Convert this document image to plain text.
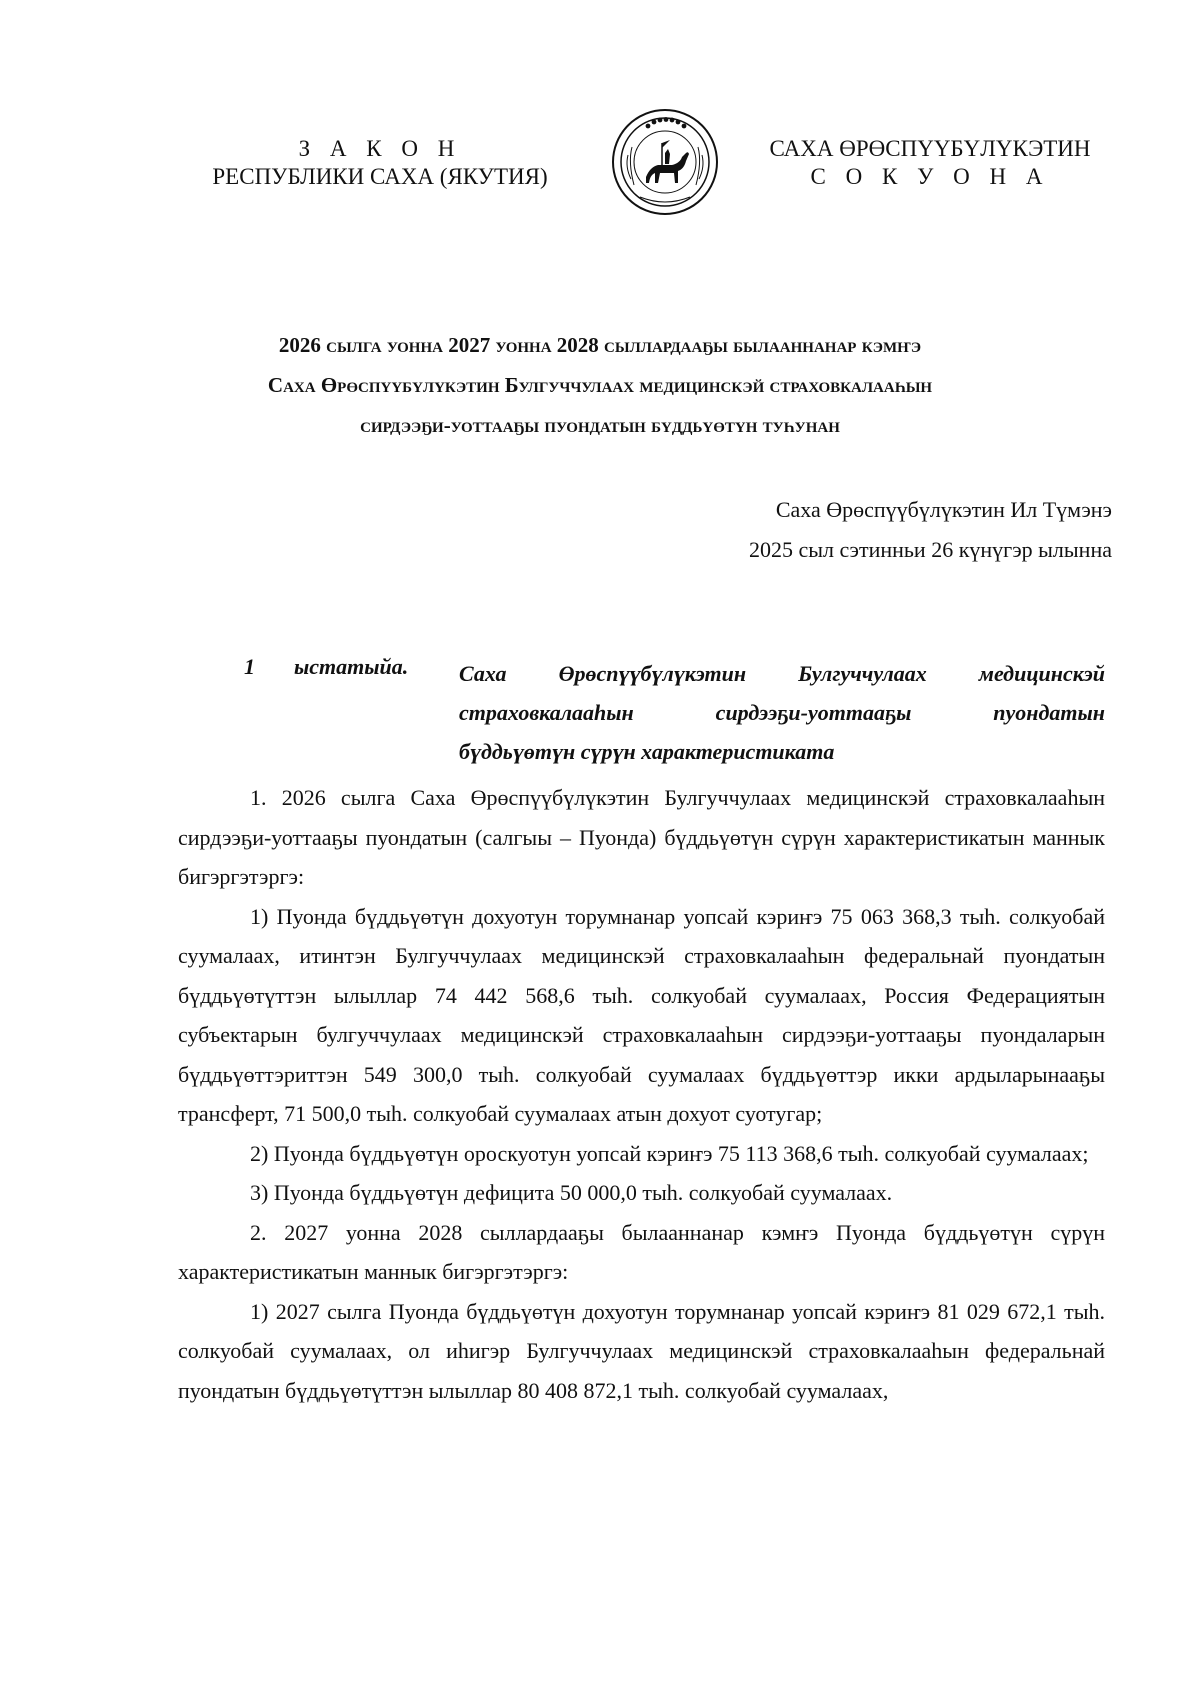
З А К О Н
РЕСПУБЛИКИ САХА (ЯКУТИЯ)
САХА ӨРӨСПҮҮБҮЛҮКЭТИН
С О К У О Н А
2026 сылга уонна 2027 уонна 2028 сыллардааҕы былааннанар кэмҥэ
Саха Өрөспүүбүлүкэтин Булгуччулаах медицинскэй страховкалааһын
сирдээҕи-уоттааҕы пуондатын бүддьүөтүн туһунан
Саха Өрөспүүбүлүкэтин Ил Түмэнэ
2025 сыл сэтинньи 26 күнүгэр ылынна
1 ыстатыйа. Саха Өрөспүүбүлүкэтин Булгуччулаах медицинскэй
страховкалааһын сирдээҕи-уоттааҕы пуондатын
бүддьүөтүн сүрүн характеристиката

1. 2026 сылга Саха Өрөспүүбүлүкэтин Булгуччулаах медицинскэй страховкалааһын сирдээҕи-уоттааҕы пуондатын (салгыы – Пуонда) бүддьүөтүн сүрүн характеристикатын маннык бигэргэтэргэ:

1) Пуонда бүддьүөтүн дохуотун торумнанар уопсай кэриҥэ 75 063 368,3 тыһ. солкуобай суумалаах, итинтэн Булгуччулаах медицинскэй страховкалааһын федеральнай пуондатын бүддьүөтүттэн ылыллар 74 442 568,6 тыһ. солкуобай суумалаах, Россия Федерациятын субъектарын булгуччулаах медицинскэй страховкалааһын сирдээҕи-уоттааҕы пуондаларын бүддьүөттэриттэн 549 300,0 тыһ. солкуобай суумалаах бүддьүөттэр икки ардыларынааҕы трансферт, 71 500,0 тыһ. солкуобай суумалаах атын дохуот суотугар;

2) Пуонда бүддьүөтүн ороскуотун уопсай кэриҥэ 75 113 368,6 тыһ. солкуобай суумалаах;

3) Пуонда бүддьүөтүн дефицита 50 000,0 тыһ. солкуобай суумалаах.

2. 2027 уонна 2028 сыллардааҕы былааннанар кэмҥэ Пуонда бүддьүөтүн сүрүн характеристикатын маннык бигэргэтэргэ:

1) 2027 сылга Пуонда бүддьүөтүн дохуотун торумнанар уопсай кэриҥэ 81 029 672,1 тыһ. солкуобай суумалаах, ол иһигэр Булгуччулаах медицинскэй страховкалааһын федеральнай пуондатын бүддьүөтүттэн ылыллар 80 408 872,1 тыһ. солкуобай суумалаах,
